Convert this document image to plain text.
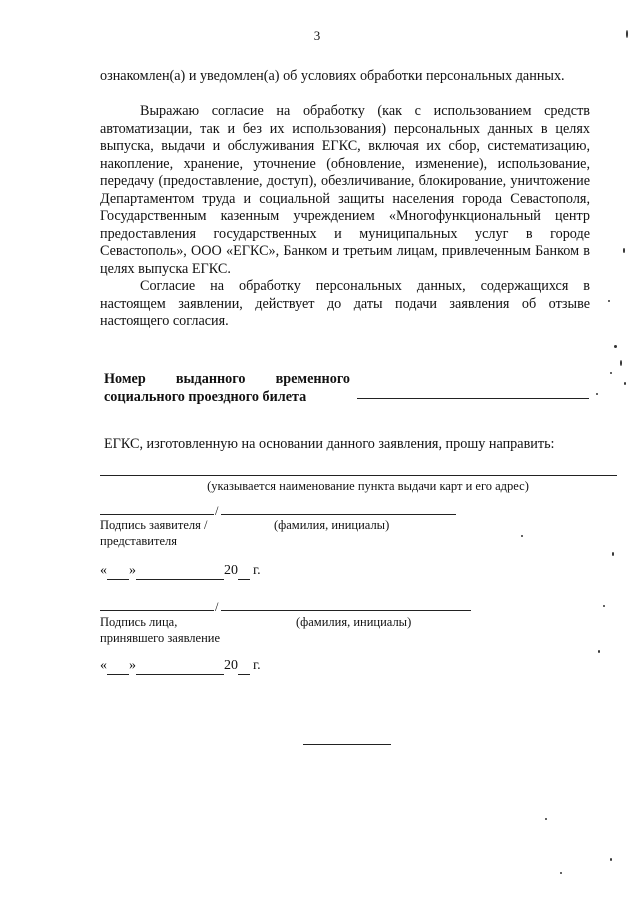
3

ознакомлен(а) и уведомлен(а) об условиях обработки персональных данных.

Выражаю согласие на обработку (как с использованием средств автоматизации, так и без их использования) персональных данных в целях выпуска, выдачи и обслуживания ЕГКС, включая их сбор, систематизацию, накопление, хранение, уточнение (обновление, изменение), использование, передачу (предоставление, доступ), обезличивание, блокирование, уничтожение Департаментом труда и социальной защиты населения города Севастополя, Государственным казенным учреждением «Многофункциональный центр предоставления государственных и муниципальных услуг в городе Севастополь», ООО «ЕГКС», Банком и третьим лицам, привлеченным Банком в целях выпуска ЕГКС.

Согласие на обработку персональных данных, содержащихся в настоящем заявлении, действует до даты подачи заявления об отзыве настоящего согласия.

Номер выданного временного
социального проездного билета
ЕГКС, изготовленную на основании данного заявления, прошу направить:
(указывается наименование пункта выдачи карт и его адрес)
/
Подпись заявителя /
представителя
(фамилия, инициалы)
« »	20 г.
/
Подпись лица,
принявшего заявление
(фамилия, инициалы)
« »	20 г.
